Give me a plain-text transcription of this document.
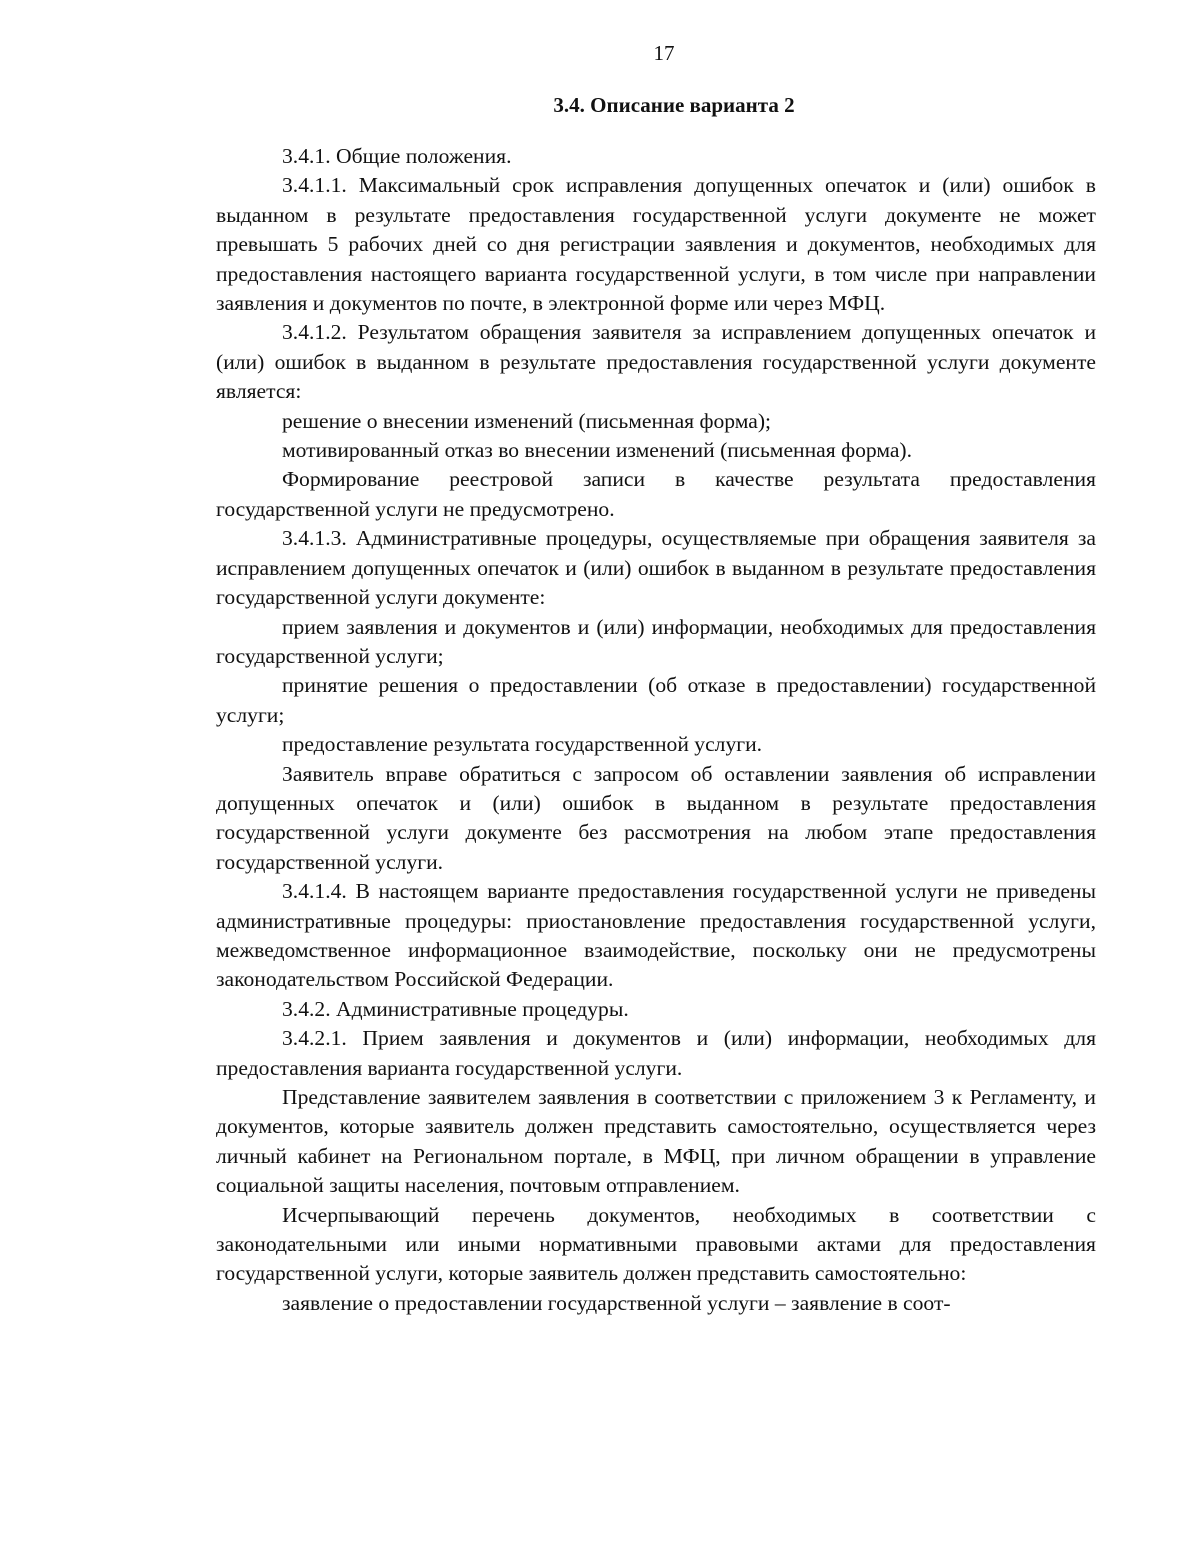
17
3.4. Описание варианта 2

3.4.1. Общие положения.

3.4.1.1. Максимальный срок исправления допущенных опечаток и (или) ошибок в выданном в результате предоставления государственной услуги документе не может превышать 5 рабочих дней со дня регистрации заявления и документов, необходимых для предоставления настоящего варианта государственной услуги, в том числе при направлении заявления и документов по почте, в электронной форме или через МФЦ.

3.4.1.2. Результатом обращения заявителя за исправлением допущенных опечаток и (или) ошибок в выданном в результате предоставления государственной услуги документе является:

решение о внесении изменений (письменная форма);

мотивированный отказ во внесении изменений (письменная форма).

Формирование реестровой записи в качестве результата предоставления государственной услуги не предусмотрено.

3.4.1.3. Административные процедуры, осуществляемые при обращения заявителя за исправлением допущенных опечаток и (или) ошибок в выданном в результате предоставления государственной услуги документе:

прием заявления и документов и (или) информации, необходимых для предоставления государственной услуги;

принятие решения о предоставлении (об отказе в предоставлении) государственной услуги;

предоставление результата государственной услуги.

Заявитель вправе обратиться с запросом об оставлении заявления об исправлении допущенных опечаток и (или) ошибок в выданном в результате предоставления государственной услуги документе без рассмотрения на любом этапе предоставления государственной услуги.

3.4.1.4. В настоящем варианте предоставления государственной услуги не приведены административные процедуры: приостановление предоставления государственной услуги, межведомственное информационное взаимодействие, поскольку они не предусмотрены законодательством Российской Федерации.

3.4.2. Административные процедуры.

3.4.2.1. Прием заявления и документов и (или) информации, необходимых для предоставления варианта государственной услуги.

Представление заявителем заявления в соответствии с приложением 3 к Регламенту, и документов, которые заявитель должен представить самостоятельно, осуществляется через личный кабинет на Региональном портале, в МФЦ, при личном обращении в управление социальной защиты населения, почтовым отправлением.

Исчерпывающий перечень документов, необходимых в соответствии с законодательными или иными нормативными правовыми актами для предоставления государственной услуги, которые заявитель должен представить самостоятельно:

заявление о предоставлении государственной услуги – заявление в соот-
